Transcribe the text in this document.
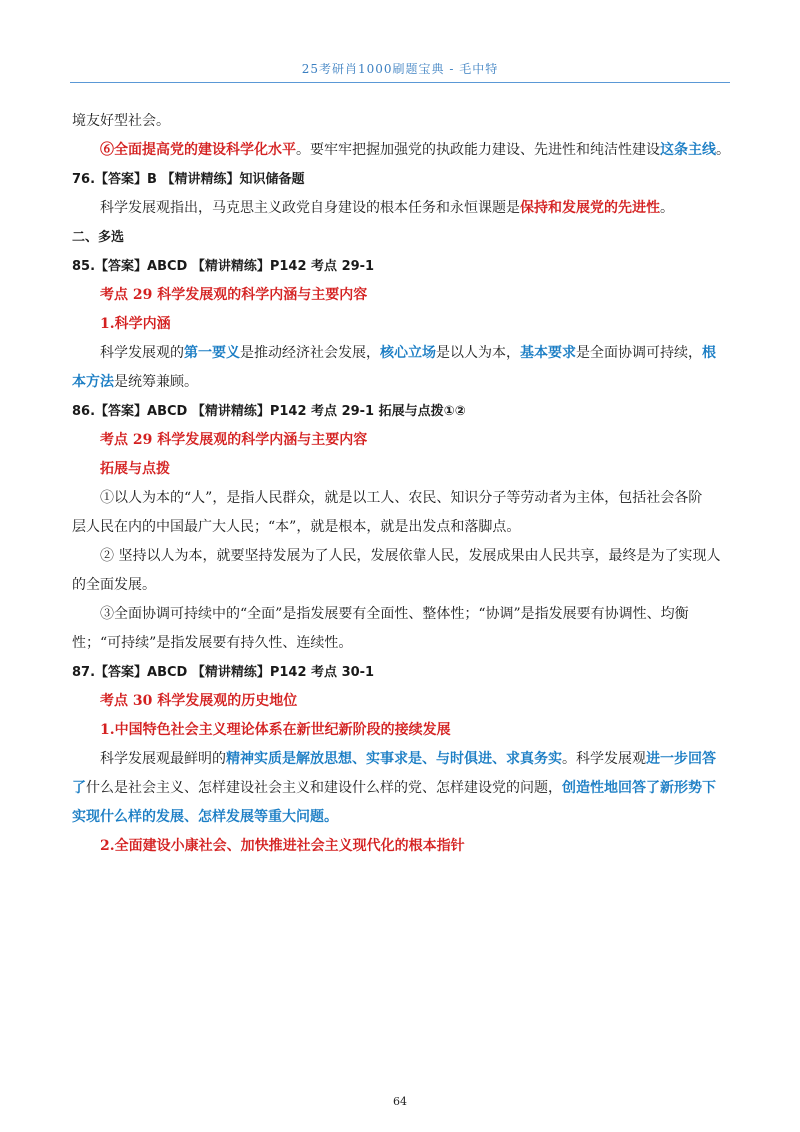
25考研肖1000刷题宝典 - 毛中特
境友好型社会。
⑥全面提高党的建设科学化水平。要牢牢把握加强党的执政能力建设、先进性和纯洁性建设这条主线。
76.【答案】B 【精讲精练】知识储备题
科学发展观指出，马克思主义政党自身建设的根本任务和永恒课题是保持和发展党的先进性。
二、多选
85.【答案】ABCD 【精讲精练】P142 考点 29-1
考点 29 科学发展观的科学内涵与主要内容
1.科学内涵
科学发展观的第一要义是推动经济社会发展，核心立场是以人为本，基本要求是全面协调可持续，根
本方法是统筹兼顾。
86.【答案】ABCD 【精讲精练】P142 考点 29-1 拓展与点拨①②
考点 29 科学发展观的科学内涵与主要内容
拓展与点拨
①以人为本的“人”，是指人民群众，就是以工人、农民、知识分子等劳动者为主体，包括社会各阶
层人民在内的中国最广大人民；“本”，就是根本，就是出发点和落脚点。
② 坚持以人为本，就要坚持发展为了人民，发展依靠人民，发展成果由人民共享，最终是为了实现人
的全面发展。
③全面协调可持续中的“全面”是指发展要有全面性、整体性；“协调”是指发展要有协调性、均衡
性；“可持续”是指发展要有持久性、连续性。
87.【答案】ABCD 【精讲精练】P142 考点 30-1
考点 30 科学发展观的历史地位
1.中国特色社会主义理论体系在新世纪新阶段的接续发展
科学发展观最鲜明的精神实质是解放思想、实事求是、与时俱进、求真务实。科学发展观进一步回答
了什么是社会主义、怎样建设社会主义和建设什么样的党、怎样建设党的问题，创造性地回答了新形势下
实现什么样的发展、怎样发展等重大问题。
2.全面建设小康社会、加快推进社会主义现代化的根本指针
64
